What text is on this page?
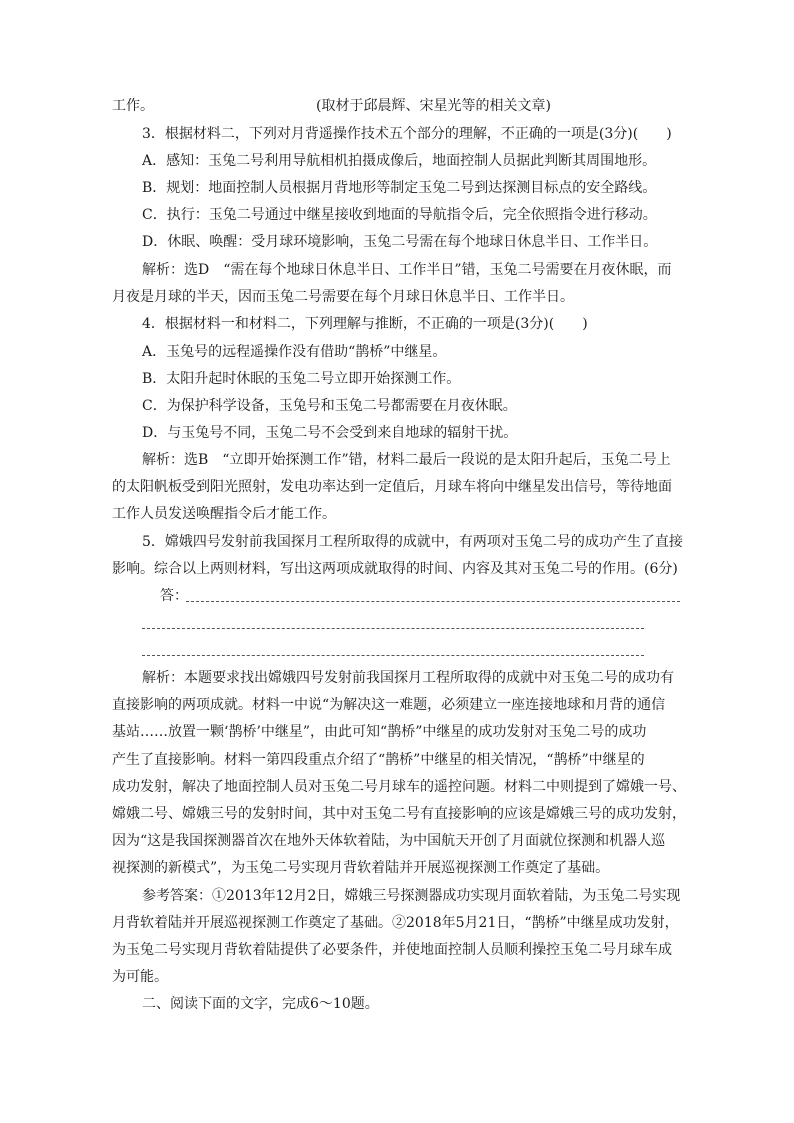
工作。	(取材于邱晨辉、宋星光等的相关文章)
3．根据材料二，下列对月背遥操作技术五个部分的理解，不正确的一项是(3分)(　　)
A．感知：玉兔二号利用导航相机拍摄成像后，地面控制人员据此判断其周围地形。
B．规划：地面控制人员根据月背地形等制定玉兔二号到达探测目标点的安全路线。
C．执行：玉兔二号通过中继星接收到地面的导航指令后，完全依照指令进行移动。
D．休眠、唤醒：受月球环境影响，玉兔二号需在每个地球日休息半日、工作半日。
解析：选D　“需在每个地球日休息半日、工作半日”错，玉兔二号需要在月夜休眠，而
月夜是月球的半天，因而玉兔二号需要在每个月球日休息半日、工作半日。
4．根据材料一和材料二，下列理解与推断，不正确的一项是(3分)(　　)
A．玉兔号的远程遥操作没有借助“鹊桥”中继星。
B．太阳升起时休眠的玉兔二号立即开始探测工作。
C．为保护科学设备，玉兔号和玉兔二号都需要在月夜休眠。
D．与玉兔号不同，玉兔二号不会受到来自地球的辐射干扰。
解析：选B　“立即开始探测工作”错，材料二最后一段说的是太阳升起后，玉兔二号上
的太阳帆板受到阳光照射，发电功率达到一定值后，月球车将向中继星发出信号，等待地面
工作人员发送唤醒指令后才能工作。
5．嫦娥四号发射前我国探月工程所取得的成就中，有两项对玉兔二号的成功产生了直接
影响。综合以上两则材料，写出这两项成就取得的时间、内容及其对玉兔二号的作用。(6分)
答：
解析：本题要求找出嫦娥四号发射前我国探月工程所取得的成就中对玉兔二号的成功有
直接影响的两项成就。材料一中说“为解决这一难题，必须建立一座连接地球和月背的通信
基站……放置一颗‘鹊桥’中继星”，由此可知“鹊桥”中继星的成功发射对玉兔二号的成功
产生了直接影响。材料一第四段重点介绍了“鹊桥”中继星的相关情况，“鹊桥”中继星的
成功发射，解决了地面控制人员对玉兔二号月球车的遥控问题。材料二中则提到了嫦娥一号、
嫦娥二号、嫦娥三号的发射时间，其中对玉兔二号有直接影响的应该是嫦娥三号的成功发射，
因为“这是我国探测器首次在地外天体软着陆，为中国航天开创了月面就位探测和机器人巡
视探测的新模式”，为玉兔二号实现月背软着陆并开展巡视探测工作奠定了基础。
参考答案：①2013年12月2日，嫦娥三号探测器成功实现月面软着陆，为玉兔二号实现
月背软着陆并开展巡视探测工作奠定了基础。②2018年5月21日，“鹊桥”中继星成功发射，
为玉兔二号实现月背软着陆提供了必要条件，并使地面控制人员顺利操控玉兔二号月球车成
为可能。
二、阅读下面的文字，完成6～10题。
